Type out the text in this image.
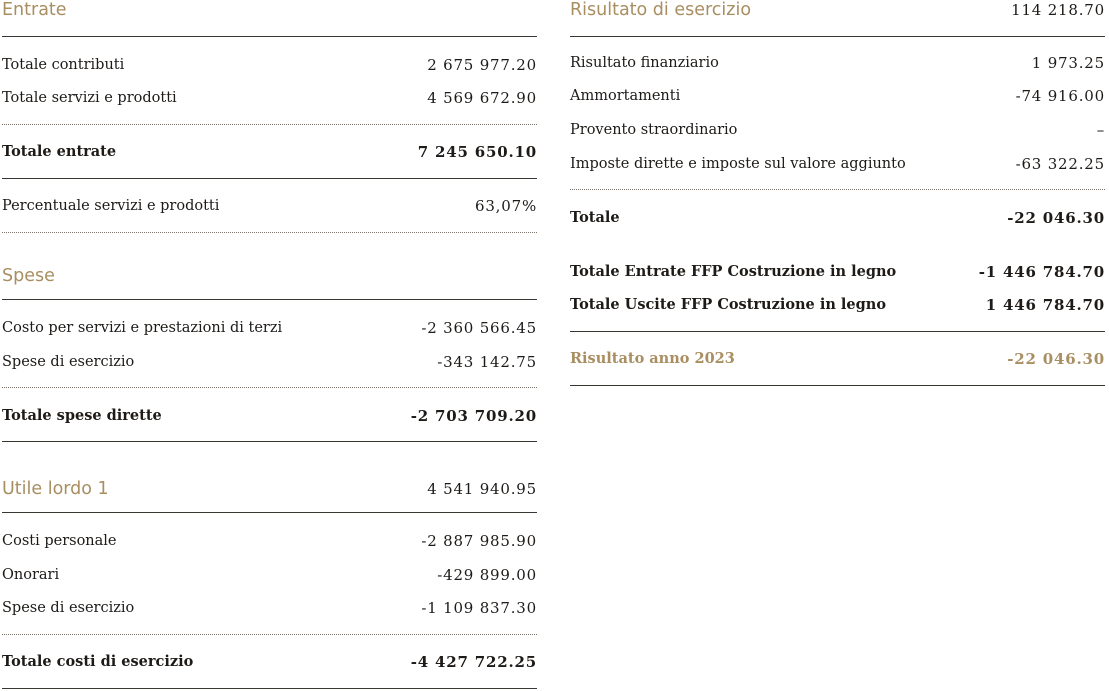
Entrate
Totale contributi	2 675 977.20
Totale servizi e prodotti	4 569 672.90
Totale entrate	7 245 650.10
Percentuale servizi e prodotti	63,07%
Spese
Costo per servizi e prestazioni di terzi	-2 360 566.45
Spese di esercizio	-343 142.75
Totale spese dirette	-2 703 709.20
Utile lordo 1	4 541 940.95
Costi personale	-2 887 985.90
Onorari	-429 899.00
Spese di esercizio	-1 109 837.30
Totale costi di esercizio	-4 427 722.25
Risultato di esercizio	114 218.70
Risultato finanziario	1 973.25
Ammortamenti	-74 916.00
Provento straordinario	–
Imposte dirette e imposte sul valore aggiunto	-63 322.25
Totale	-22 046.30
Totale Entrate FFP Costruzione in legno	-1 446 784.70
Totale Uscite FFP Costruzione in legno	1 446 784.70
Risultato anno 2023	-22 046.30
